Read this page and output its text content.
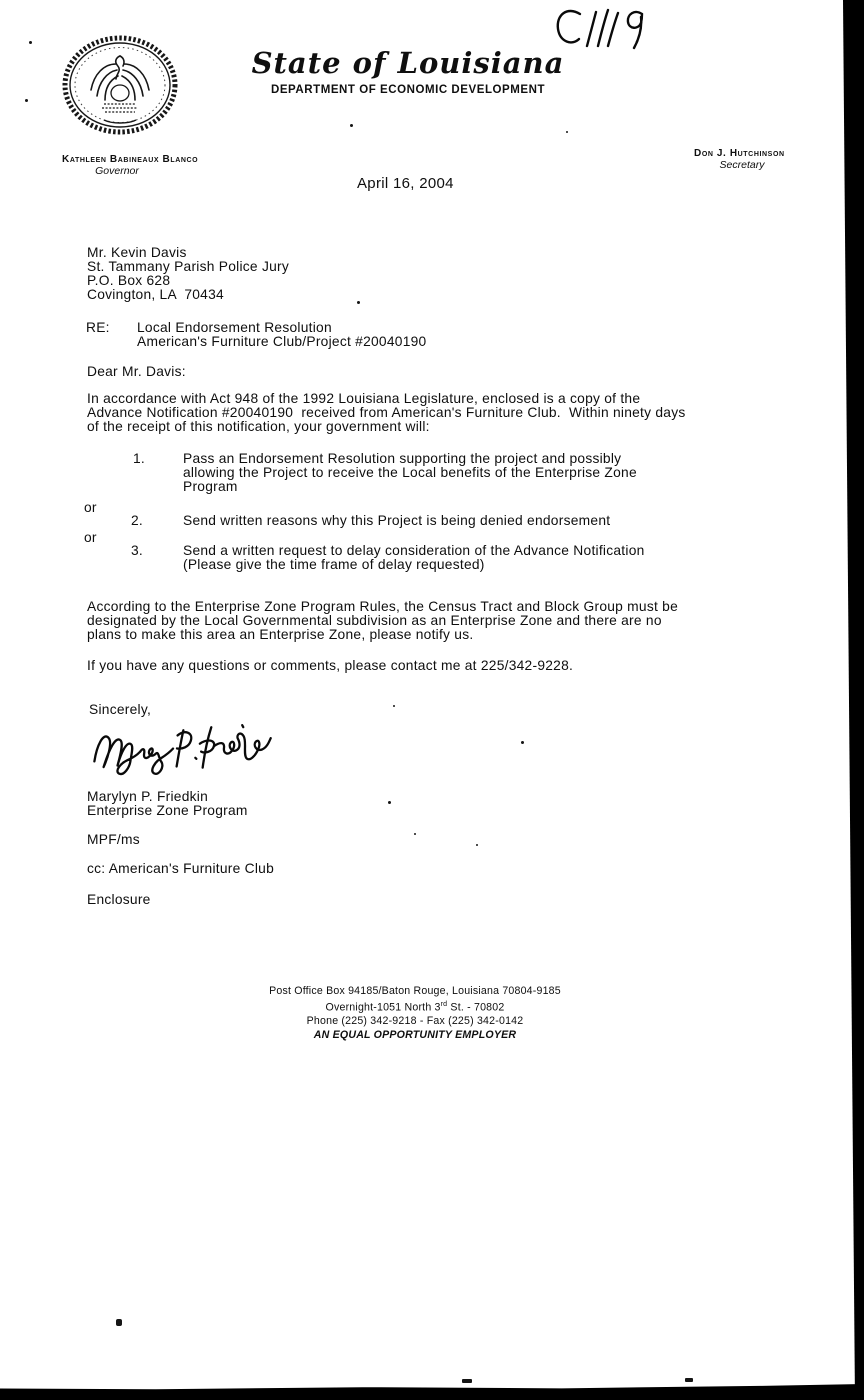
State of Louisiana
DEPARTMENT OF ECONOMIC DEVELOPMENT
Kathleen Babineaux Blanco
Governor
Don J. Hutchinson
Secretary
April 16, 2004
Mr. Kevin Davis
St. Tammany Parish Police Jury
P.O. Box 628
Covington, LA  70434
RE: Local Endorsement Resolution
American's Furniture Club/Project #20040190
Dear Mr. Davis:
In accordance with Act 948 of the 1992 Louisiana Legislature, enclosed is a copy of the
Advance Notification #20040190  received from American's Furniture Club.  Within ninety days
of the receipt of this notification, your government will:
1.	Pass an Endorsement Resolution supporting the project and possibly
allowing the Project to receive the Local benefits of the Enterprise Zone
Program
or
2.	Send written reasons why this Project is being denied endorsement
or
3.	Send a written request to delay consideration of the Advance Notification
(Please give the time frame of delay requested)
According to the Enterprise Zone Program Rules, the Census Tract and Block Group must be
designated by the Local Governmental subdivision as an Enterprise Zone and there are no
plans to make this area an Enterprise Zone, please notify us.
If you have any questions or comments, please contact me at 225/342-9228.
Sincerely,
Marylyn P. Friedkin
Enterprise Zone Program
MPF/ms
cc: American's Furniture Club
Enclosure
Post Office Box 94185/Baton Rouge, Louisiana 70804-9185
Overnight-1051 North 3rd St. - 70802
Phone (225) 342-9218 - Fax (225) 342-0142
AN EQUAL OPPORTUNITY EMPLOYER
